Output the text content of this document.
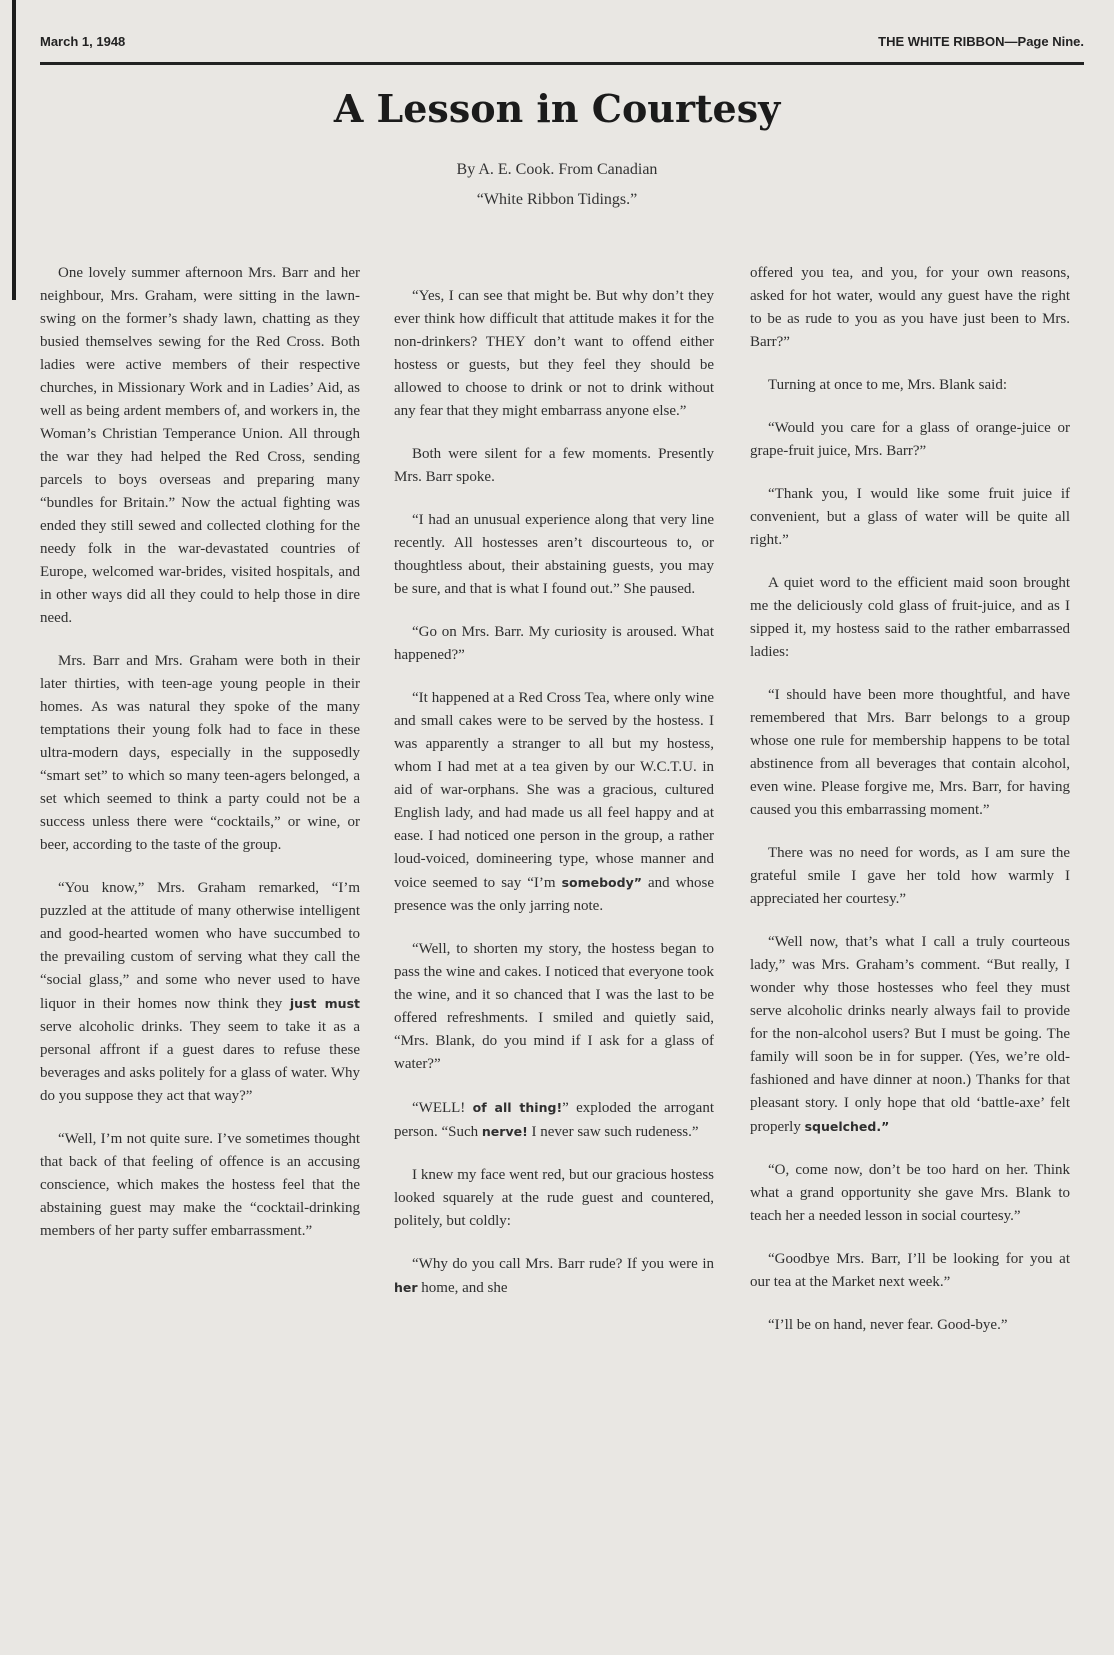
March 1, 1948	THE WHITE RIBBON—Page Nine.
A Lesson in Courtesy
By A. E. Cook. From Canadian
“White Ribbon Tidings.”

One lovely summer afternoon Mrs. Barr and her neighbour, Mrs. Graham, were sitting in the lawn-swing on the former’s shady lawn, chatting as they busied themselves sewing for the Red Cross. Both ladies were active members of their respective churches, in Missionary Work and in Ladies’ Aid, as well as being ardent members of, and workers in, the Woman’s Christian Temperance Union. All through the war they had helped the Red Cross, sending parcels to boys overseas and preparing many “bundles for Britain.” Now the actual fighting was ended they still sewed and collected clothing for the needy folk in the war-devastated countries of Europe, welcomed war-brides, visited hospitals, and in other ways did all they could to help those in dire need.

Mrs. Barr and Mrs. Graham were both in their later thirties, with teen-age young people in their homes. As was natural they spoke of the many temptations their young folk had to face in these ultra-modern days, especially in the supposedly “smart set” to which so many teen-agers belonged, a set which seemed to think a party could not be a success unless there were “cocktails,” or wine, or beer, according to the taste of the group.

“You know,” Mrs. Graham remarked, “I’m puzzled at the attitude of many otherwise intelligent and good-hearted women who have succumbed to the prevailing custom of serving what they call the “social glass,” and some who never used to have liquor in their homes now think they just must serve alcoholic drinks. They seem to take it as a personal affront if a guest dares to refuse these beverages and asks politely for a glass of water. Why do you suppose they act that way?”

“Well, I’m not quite sure. I’ve sometimes thought that back of that feeling of offence is an accusing conscience, which makes the hostess feel that the abstaining guest may make the “cocktail-drinking members of her party suffer embarrassment.”

“Yes, I can see that might be. But why don’t they ever think how difficult that attitude makes it for the non-drinkers? THEY don’t want to offend either hostess or guests, but they feel they should be allowed to choose to drink or not to drink without any fear that they might embarrass anyone else.”

Both were silent for a few moments. Presently Mrs. Barr spoke.

“I had an unusual experience along that very line recently. All hostesses aren’t discourteous to, or thoughtless about, their abstaining guests, you may be sure, and that is what I found out.” She paused.

“Go on Mrs. Barr. My curiosity is aroused. What happened?”

“It happened at a Red Cross Tea, where only wine and small cakes were to be served by the hostess. I was apparently a stranger to all but my hostess, whom I had met at a tea given by our W.C.T.U. in aid of war-orphans. She was a gracious, cultured English lady, and had made us all feel happy and at ease. I had noticed one person in the group, a rather loud-voiced, domineering type, whose manner and voice seemed to say “I’m somebody” and whose presence was the only jarring note.

“Well, to shorten my story, the hostess began to pass the wine and cakes. I noticed that everyone took the wine, and it so chanced that I was the last to be offered refreshments. I smiled and quietly said, “Mrs. Blank, do you mind if I ask for a glass of water?”

“WELL! of all thing!” exploded the arrogant person. “Such nerve! I never saw such rudeness.”

I knew my face went red, but our gracious hostess looked squarely at the rude guest and countered, politely, but coldly:

“Why do you call Mrs. Barr rude? If you were in her home, and she

offered you tea, and you, for your own reasons, asked for hot water, would any guest have the right to be as rude to you as you have just been to Mrs. Barr?”

Turning at once to me, Mrs. Blank said:

“Would you care for a glass of orange-juice or grape-fruit juice, Mrs. Barr?”

“Thank you, I would like some fruit juice if convenient, but a glass of water will be quite all right.”

A quiet word to the efficient maid soon brought me the deliciously cold glass of fruit-juice, and as I sipped it, my hostess said to the rather embarrassed ladies:

“I should have been more thoughtful, and have remembered that Mrs. Barr belongs to a group whose one rule for membership happens to be total abstinence from all beverages that contain alcohol, even wine. Please forgive me, Mrs. Barr, for having caused you this embarrassing moment.”

There was no need for words, as I am sure the grateful smile I gave her told how warmly I appreciated her courtesy.”

“Well now, that’s what I call a truly courteous lady,” was Mrs. Graham’s comment. “But really, I wonder why those hostesses who feel they must serve alcoholic drinks nearly always fail to provide for the non-alcohol users? But I must be going. The family will soon be in for supper. (Yes, we’re old-fashioned and have dinner at noon.) Thanks for that pleasant story. I only hope that old ‘battle-axe’ felt properly squelched.”

“O, come now, don’t be too hard on her. Think what a grand opportunity she gave Mrs. Blank to teach her a needed lesson in social courtesy.”

“Goodbye Mrs. Barr, I’ll be looking for you at our tea at the Market next week.”

“I’ll be on hand, never fear. Good-bye.”
